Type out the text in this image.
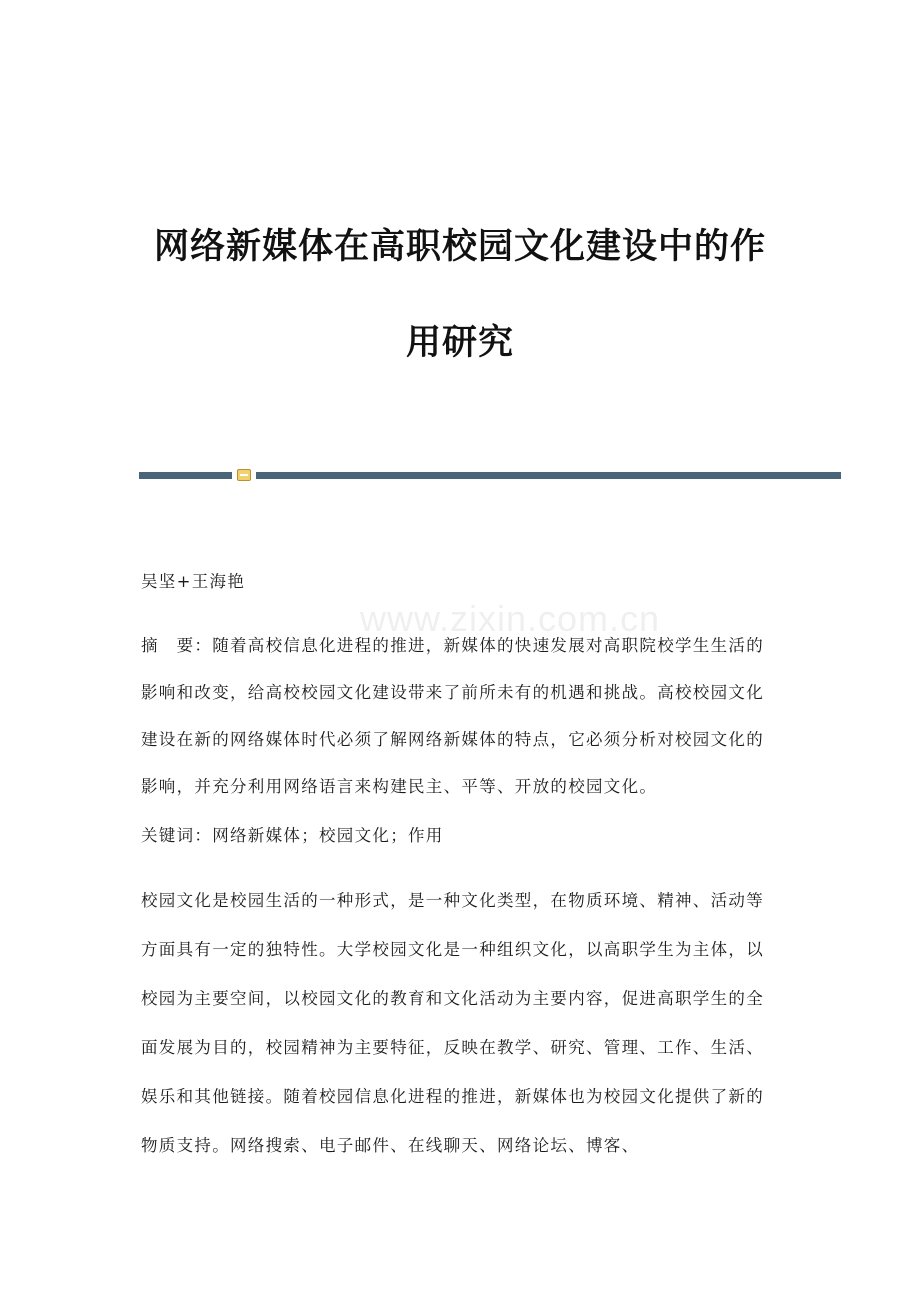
网络新媒体在高职校园文化建设中的作
用研究
www.zixin.com.cn

吴坚+王海艳

摘　要：随着高校信息化进程的推进，新媒体的快速发展对高职院校学生生活的影响和改变，给高校校园文化建设带来了前所未有的机遇和挑战。高校校园文化建设在新的网络媒体时代必须了解网络新媒体的特点，它必须分析对校园文化的影响，并充分利用网络语言来构建民主、平等、开放的校园文化。

关键词：网络新媒体；校园文化；作用

校园文化是校园生活的一种形式，是一种文化类型，在物质环境、精神、活动等方面具有一定的独特性。大学校园文化是一种组织文化，以高职学生为主体，以校园为主要空间，以校园文化的教育和文化活动为主要内容，促进高职学生的全面发展为目的，校园精神为主要特征，反映在教学、研究、管理、工作、生活、娱乐和其他链接。随着校园信息化进程的推进，新媒体也为校园文化提供了新的物质支持。网络搜索、电子邮件、在线聊天、网络论坛、博客、
